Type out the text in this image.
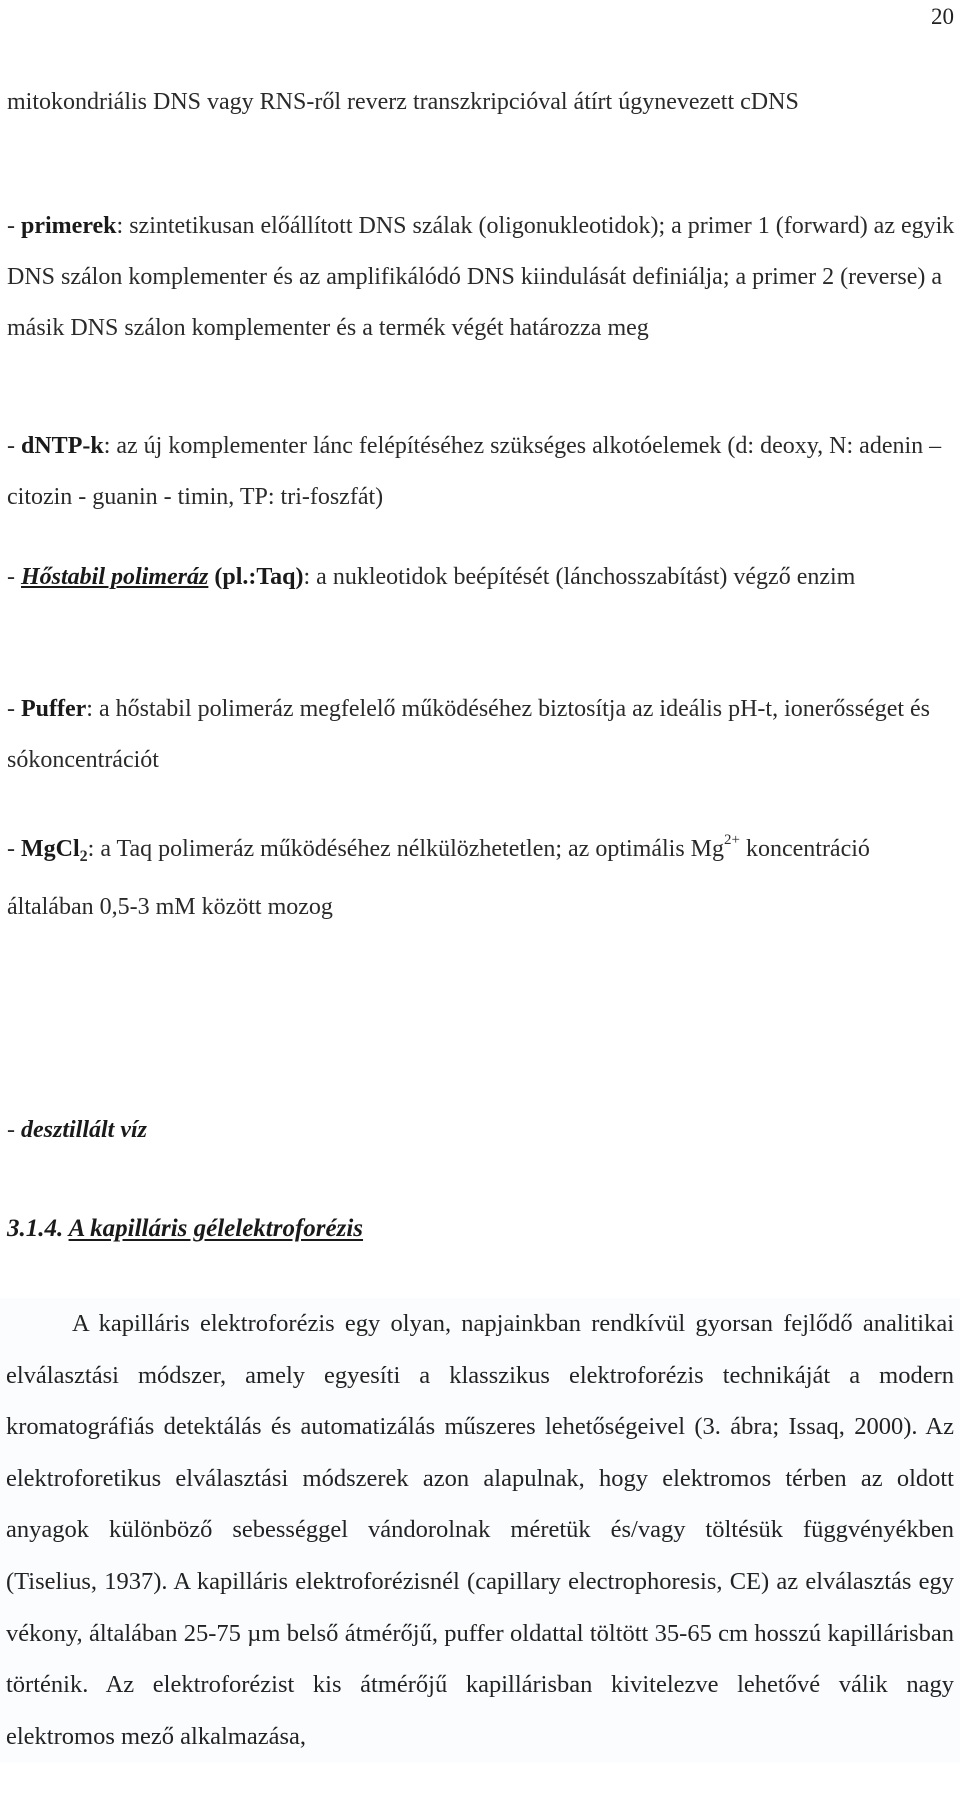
20

mitokondriális DNS vagy RNS-ről reverz transzkripcióval átírt úgynevezett cDNS

- primerek: szintetikusan előállított DNS szálak (oligonukleotidok); a primer 1 (forward) az egyik DNS szálon komplementer és az amplifikálódó DNS kiindulását definiálja; a primer 2 (reverse) a másik DNS szálon komplementer és a termék végét határozza meg

- dNTP-k: az új komplementer lánc felépítéséhez szükséges alkotóelemek (d: deoxy, N: adenin – citozin - guanin - timin, TP: tri-foszfát)

- Hőstabil polimeráz (pl.:Taq): a nukleotidok beépítését (lánchosszabítást) végző enzim

- Puffer: a hőstabil polimeráz megfelelő működéséhez biztosítja az ideális pH-t, ionerősséget és sókoncentrációt

- MgCl$_2$: a Taq polimeráz működéséhez nélkülözhetetlen; az optimális $Mg^{2+}$ koncentráció általában 0,5-3 mM között mozog

- desztillált víz

3.1.4. A kapilláris gélelektroforézis

A kapilláris elektroforézis egy olyan, napjainkban rendkívül gyorsan fejlődő analitikai elválasztási módszer, amely egyesíti a klasszikus elektroforézis technikáját a modern kromatográfiás detektálás és automatizálás műszeres lehetőségeivel (3. ábra; Issaq, 2000). Az elektroforetikus elválasztási módszerek azon alapulnak, hogy elektromos térben az oldott anyagok különböző sebességgel vándorolnak méretük és/vagy töltésük függvényékben (Tiselius, 1937). A kapilláris elektroforézisnél (capillary electrophoresis, CE) az elválasztás egy vékony, általában 25-75 µm belső átmérőjű, puffer oldattal töltött 35-65 cm hosszú kapillárisban történik. Az elektroforézist kis átmérőjű kapillárisban kivitelezve lehetővé válik nagy elektromos mező alkalmazása,
